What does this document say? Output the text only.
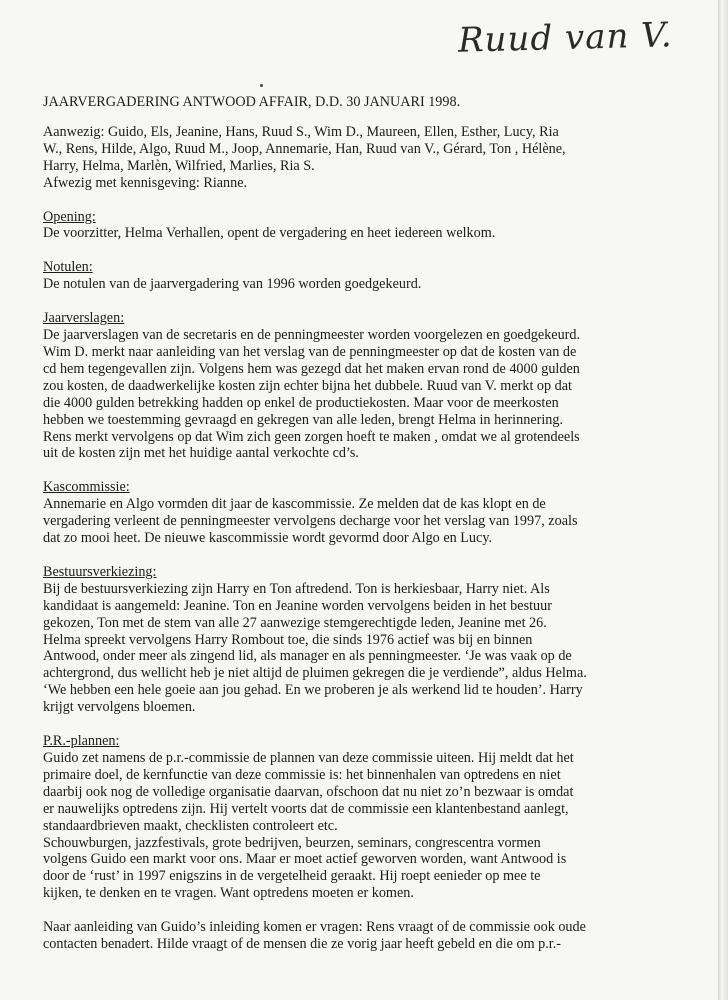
Ruud van V.
JAARVERGADERING ANTWOOD AFFAIR, D.D. 30 JANUARI 1998.
Aanwezig: Guido, Els, Jeanine, Hans, Ruud S., Wim D., Maureen, Ellen, Esther, Lucy, Ria
W., Rens, Hilde, Algo, Ruud M., Joop, Annemarie, Han, Ruud van V., Gérard, Ton , Hélène,
Harry, Helma, Marlèn, Wilfried, Marlies, Ria S.
Afwezig met kennisgeving: Rianne.
Opening:
De voorzitter, Helma Verhallen, opent de vergadering en heet iedereen welkom.
Notulen:
De notulen van de jaarvergadering van 1996 worden goedgekeurd.
Jaarverslagen:
De jaarverslagen van de secretaris en de penningmeester worden voorgelezen en goedgekeurd.
Wim D. merkt naar aanleiding van het verslag van de penningmeester op dat de kosten van de
cd hem tegengevallen zijn. Volgens hem was gezegd dat het maken ervan rond de 4000 gulden
zou kosten, de daadwerkelijke kosten zijn echter bijna het dubbele. Ruud van V. merkt op dat
die 4000 gulden betrekking hadden op enkel de productiekosten. Maar voor de meerkosten
hebben we toestemming gevraagd en gekregen van alle leden, brengt Helma in herinnering.
Rens merkt vervolgens op dat Wim zich geen zorgen hoeft te maken , omdat we al grotendeels
uit de kosten zijn met het huidige aantal verkochte cd’s.
Kascommissie:
Annemarie en Algo vormden dit jaar de kascommissie. Ze melden dat de kas klopt en de
vergadering verleent de penningmeester vervolgens decharge voor het verslag van 1997, zoals
dat zo mooi heet. De nieuwe kascommissie wordt gevormd door Algo en Lucy.
Bestuursverkiezing:
Bij de bestuursverkiezing zijn Harry en Ton aftredend. Ton is herkiesbaar, Harry niet. Als
kandidaat is aangemeld: Jeanine. Ton en Jeanine worden vervolgens beiden in het bestuur
gekozen, Ton met de stem van alle 27 aanwezige stemgerechtigde leden, Jeanine met 26.
Helma spreekt vervolgens Harry Rombout toe, die sinds 1976 actief was bij en binnen
Antwood, onder meer als zingend lid, als manager en als penningmeester. ‘Je was vaak op de
achtergrond, dus wellicht heb je niet altijd de pluimen gekregen die je verdiende”, aldus Helma.
‘We hebben een hele goeie aan jou gehad. En we proberen je als werkend lid te houden’. Harry
krijgt vervolgens bloemen.
P.R.-plannen:
Guido zet namens de p.r.-commissie de plannen van deze commissie uiteen. Hij meldt dat het
primaire doel, de kernfunctie van deze commissie is: het binnenhalen van optredens en niet
daarbij ook nog de volledige organisatie daarvan, ofschoon dat nu niet zo’n bezwaar is omdat
er nauwelijks optredens zijn. Hij vertelt voorts dat de commissie een klantenbestand aanlegt,
standaardbrieven maakt, checklisten controleert etc.
Schouwburgen, jazzfestivals, grote bedrijven, beurzen, seminars, congrescentra vormen
volgens Guido een markt voor ons. Maar er moet actief geworven worden, want Antwood is
door de ‘rust’ in 1997 enigszins in de vergetelheid geraakt. Hij roept eenieder op mee te
kijken, te denken en te vragen. Want optredens moeten er komen.
Naar aanleiding van Guido’s inleiding komen er vragen: Rens vraagt of de commissie ook oude
contacten benadert. Hilde vraagt of de mensen die ze vorig jaar heeft gebeld en die om p.r.-
